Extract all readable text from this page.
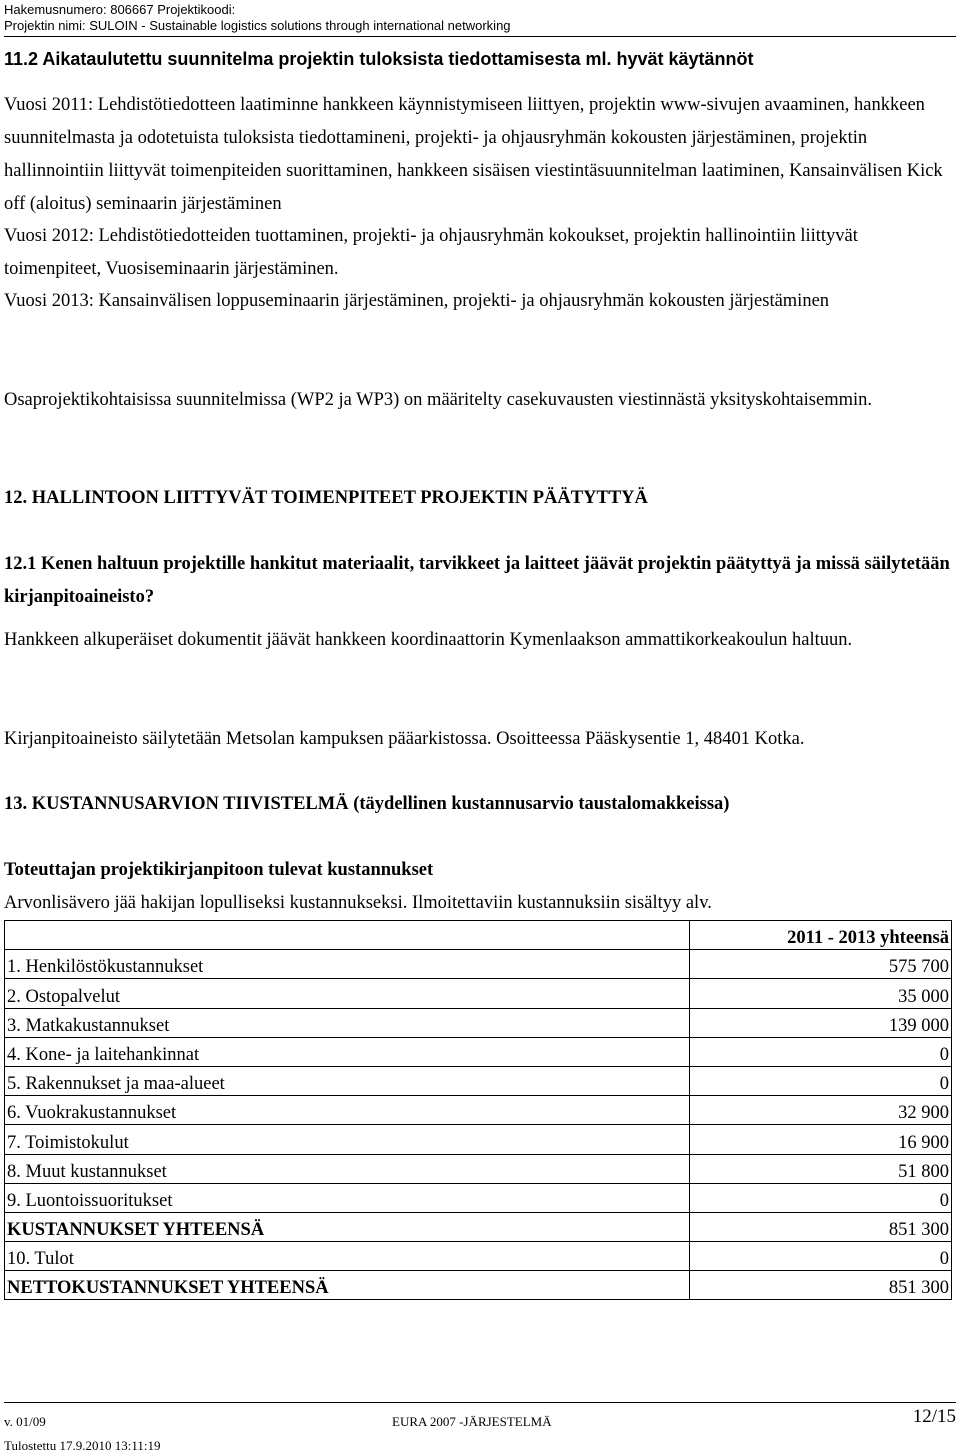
Hakemusnumero: 806667 Projektikoodi:
Projektin nimi: SULOIN - Sustainable logistics solutions through international networking
11.2 Aikataulutettu suunnitelma projektin tuloksista tiedottamisesta ml. hyvät käytännöt
Vuosi 2011: Lehdistötiedotteen laatiminne hankkeen käynnistymiseen liittyen, projektin www-sivujen avaaminen, hankkeen suunnitelmasta ja odotetuista tuloksista tiedottamineni, projekti- ja ohjausryhmän kokousten järjestäminen, projektin hallinnointiin liittyvät toimenpiteiden suorittaminen, hankkeen sisäisen viestintäsuunnitelman laatiminen, Kansainvälisen Kick off (aloitus) seminaarin järjestäminen
Vuosi 2012: Lehdistötiedotteiden tuottaminen, projekti- ja ohjausryhmän kokoukset, projektin hallinointiin liittyvät toimenpiteet, Vuosiseminaarin järjestäminen.
Vuosi 2013: Kansainvälisen loppuseminaarin järjestäminen, projekti- ja ohjausryhmän kokousten järjestäminen
Osaprojektikohtaisissa suunnitelmissa (WP2 ja WP3) on määritelty casekuvausten viestinnästä yksityskohtaisemmin.
12. HALLINTOON LIITTYVÄT TOIMENPITEET PROJEKTIN PÄÄTYTTYÄ
12.1 Kenen haltuun projektille hankitut materiaalit, tarvikkeet ja laitteet jäävät projektin päätyttyä ja missä säilytetään kirjanpitoaineisto?
Hankkeen alkuperäiset dokumentit jäävät hankkeen koordinaattorin Kymenlaakson ammattikorkeakoulun haltuun.
Kirjanpitoaineisto säilytetään Metsolan kampuksen pääarkistossa. Osoitteessa Pääskysentie 1, 48401 Kotka.
13. KUSTANNUSARVION TIIVISTELMÄ (täydellinen kustannusarvio taustalomakkeissa)
Toteuttajan projektikirjanpitoon tulevat kustannukset
Arvonlisävero jää hakijan lopulliseksi kustannukseksi. Ilmoitettaviin kustannuksiin sisältyy alv.
	2011 - 2013 yhteensä
1. Henkilöstökustannukset	575 700
2. Ostopalvelut	35 000
3. Matkakustannukset	139 000
4. Kone- ja laitehankinnat	0
5. Rakennukset ja maa-alueet	0
6. Vuokrakustannukset	32 900
7. Toimistokulut	16 900
8. Muut kustannukset	51 800
9. Luontoissuoritukset	0
KUSTANNUKSET YHTEENSÄ	851 300
10. Tulot	0
NETTOKUSTANNUKSET YHTEENSÄ	851 300
v. 01/09	EURA 2007 -JÄRJESTELMÄ	12/15
Tulostettu 17.9.2010 13:11:19
